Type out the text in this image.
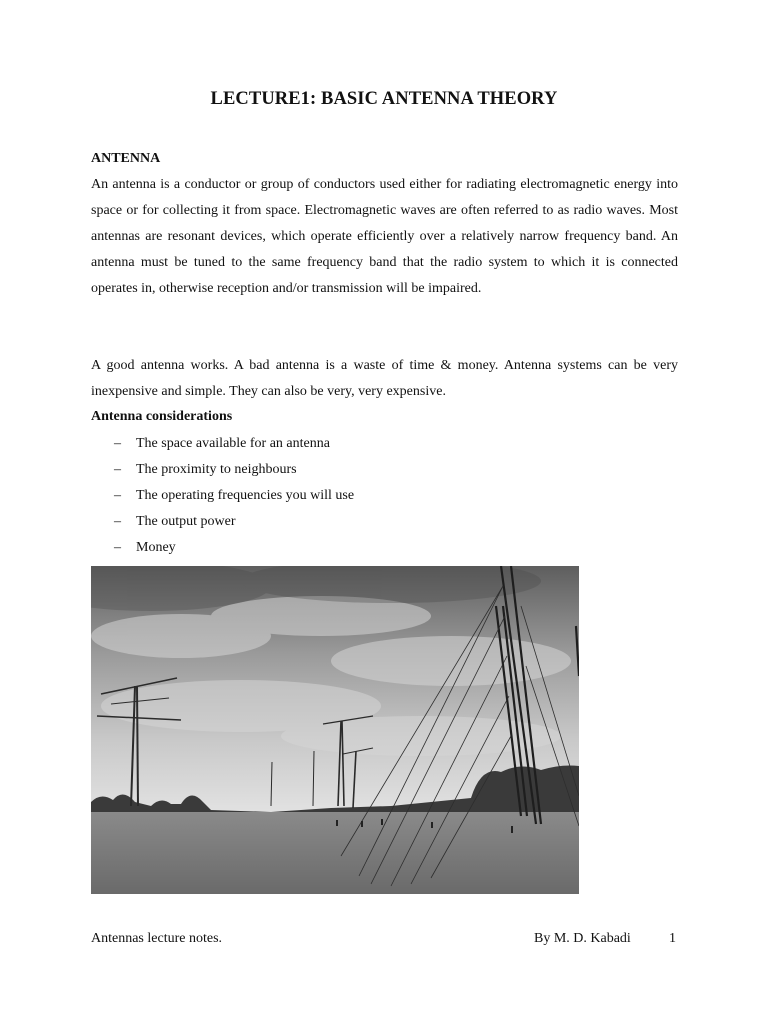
LECTURE1: BASIC ANTENNA THEORY
ANTENNA

An antenna is a conductor or group of conductors used either for radiating electromagnetic energy into space or for collecting it from space. Electromagnetic waves are often referred to as radio waves. Most antennas are resonant devices, which operate efficiently over a relatively narrow frequency band. An antenna must be tuned to the same frequency band that the radio system to which it is connected operates in, otherwise reception and/or transmission will be impaired.

A good antenna works. A bad antenna is a waste of time & money. Antenna systems can be very inexpensive and simple. They can also be very, very expensive.

Antenna considerations
–	The space available for an antenna
–	The proximity to neighbours
–	The operating frequencies you will use
–	The output power
–	Money
Antennas lecture notes.	By M. D. Kabadi	1
